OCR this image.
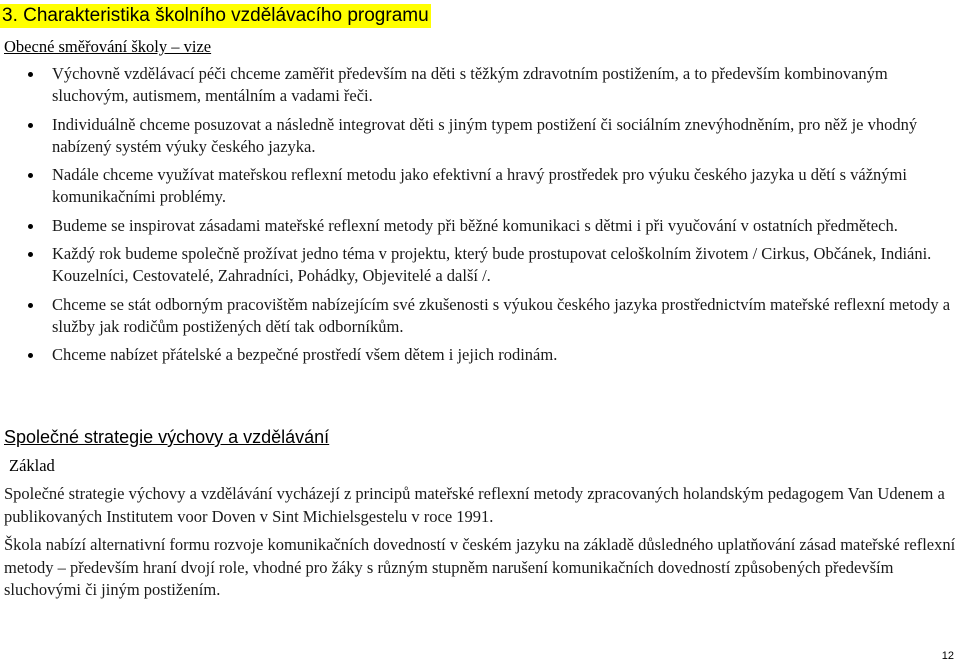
3. Charakteristika školního vzdělávacího programu
Obecné směřování školy – vize
Výchovně vzdělávací péči chceme zaměřit především na děti s těžkým zdravotním postižením, a to především kombinovaným sluchovým, autismem, mentálním a vadami řeči.
Individuálně chceme posuzovat a následně integrovat děti s jiným typem postižení či sociálním znevýhodněním, pro něž je vhodný nabízený systém výuky českého jazyka.
Nadále chceme využívat mateřskou reflexní metodu jako efektivní a hravý prostředek pro výuku českého jazyka u dětí s vážnými komunikačními problémy.
Budeme se inspirovat zásadami mateřské reflexní metody při běžné komunikaci s dětmi i při vyučování v ostatních předmětech.
Každý rok budeme společně prožívat jedno téma v projektu, který bude prostupovat celoškolním životem / Cirkus, Občánek, Indiáni. Kouzelníci, Cestovatelé, Zahradníci, Pohádky, Objevitelé a další /.
Chceme se stát odborným pracovištěm nabízejícím své zkušenosti s výukou českého jazyka prostřednictvím mateřské reflexní metody a služby jak rodičům postižených dětí tak odborníkům.
Chceme nabízet přátelské a bezpečné prostředí všem dětem i jejich rodinám.
Společné strategie výchovy a vzdělávání
Základ

Společné strategie výchovy a vzdělávání vycházejí z principů mateřské reflexní metody zpracovaných holandským pedagogem Van Udenem a publikovaných Institutem voor Doven v Sint Michielsgestelu v roce 1991.

Škola nabízí alternativní formu rozvoje komunikačních dovedností v českém jazyku na základě důsledného uplatňování zásad mateřské reflexní metody – především hraní dvojí role, vhodné pro žáky s různým stupněm narušení komunikačních dovedností způsobených především sluchovými či jiným postižením.

12
